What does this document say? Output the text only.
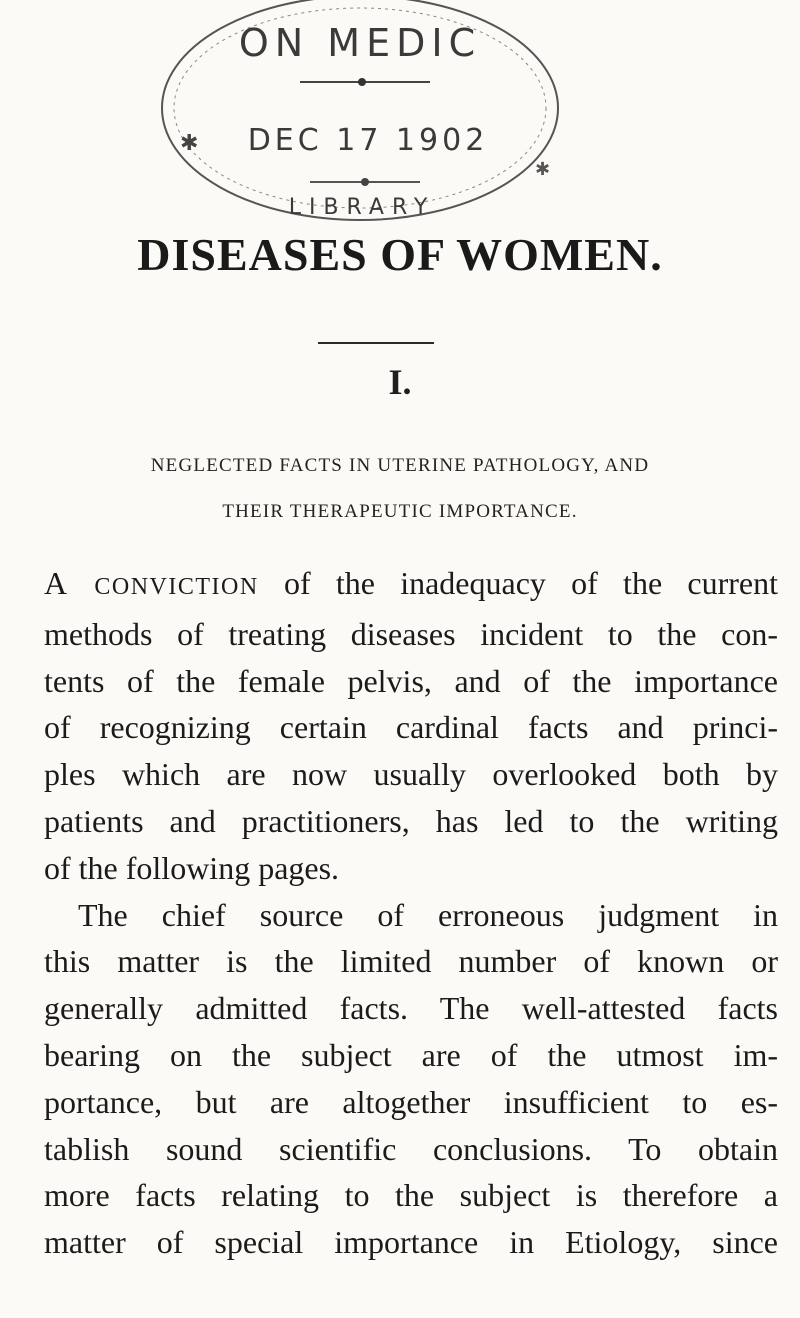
ON MEDIC
DEC 17 1902
LIBRARY
✱
✱
DISEASES OF WOMEN.
I.
NEGLECTED FACTS IN UTERINE PATHOLOGY, AND
THEIR THERAPEUTIC IMPORTANCE.
A CONVICTION of the inadequacy of the current
methods of treating diseases incident to the con-
tents of the female pelvis, and of the importance
of recognizing certain cardinal facts and princi-
ples which are now usually overlooked both by
patients and practitioners, has led to the writing
of the following pages.
The chief source of erroneous judgment in
this matter is the limited number of known or
generally admitted facts. The well-attested facts
bearing on the subject are of the utmost im-
portance, but are altogether insufficient to es-
tablish sound scientific conclusions. To obtain
more facts relating to the subject is therefore a
matter of special importance in Etiology, since
